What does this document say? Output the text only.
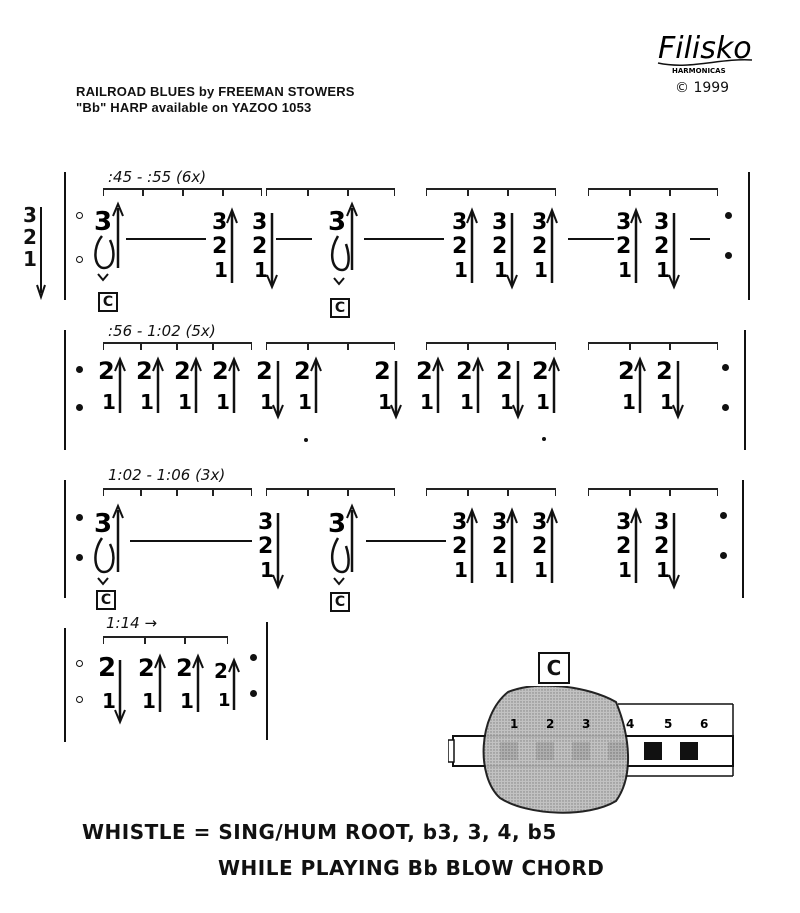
RAILROAD BLUES by FREEMAN STOWERS
"Bb" HARP available on YAZOO 1053
Filisko
HARMONICAS
© 1999
3
2
1
:45 - :55 (6x)
3
C
3
2
1
3
2
1
3
C
3
2
1
3
2
1
3
2
1
3
2
1
3
2
1
:56 - 1:02 (5x)
2
1
2
1
2
1
2
1
2
1
2
1
2
1
2
1
2
1
2
1
2
1
2
1
2
1
1:02 - 1:06 (3x)
3
C
3
2
1
3
C
3
2
1
3
2
1
3
2
1
3
2
1
3
2
1
1:14 →
2
1
2
1
2
1
2
1
C
1 2 3	4 5 6
WHISTLE = SING/HUM ROOT, b3, 3, 4, b5
WHILE PLAYING Bb BLOW CHORD
